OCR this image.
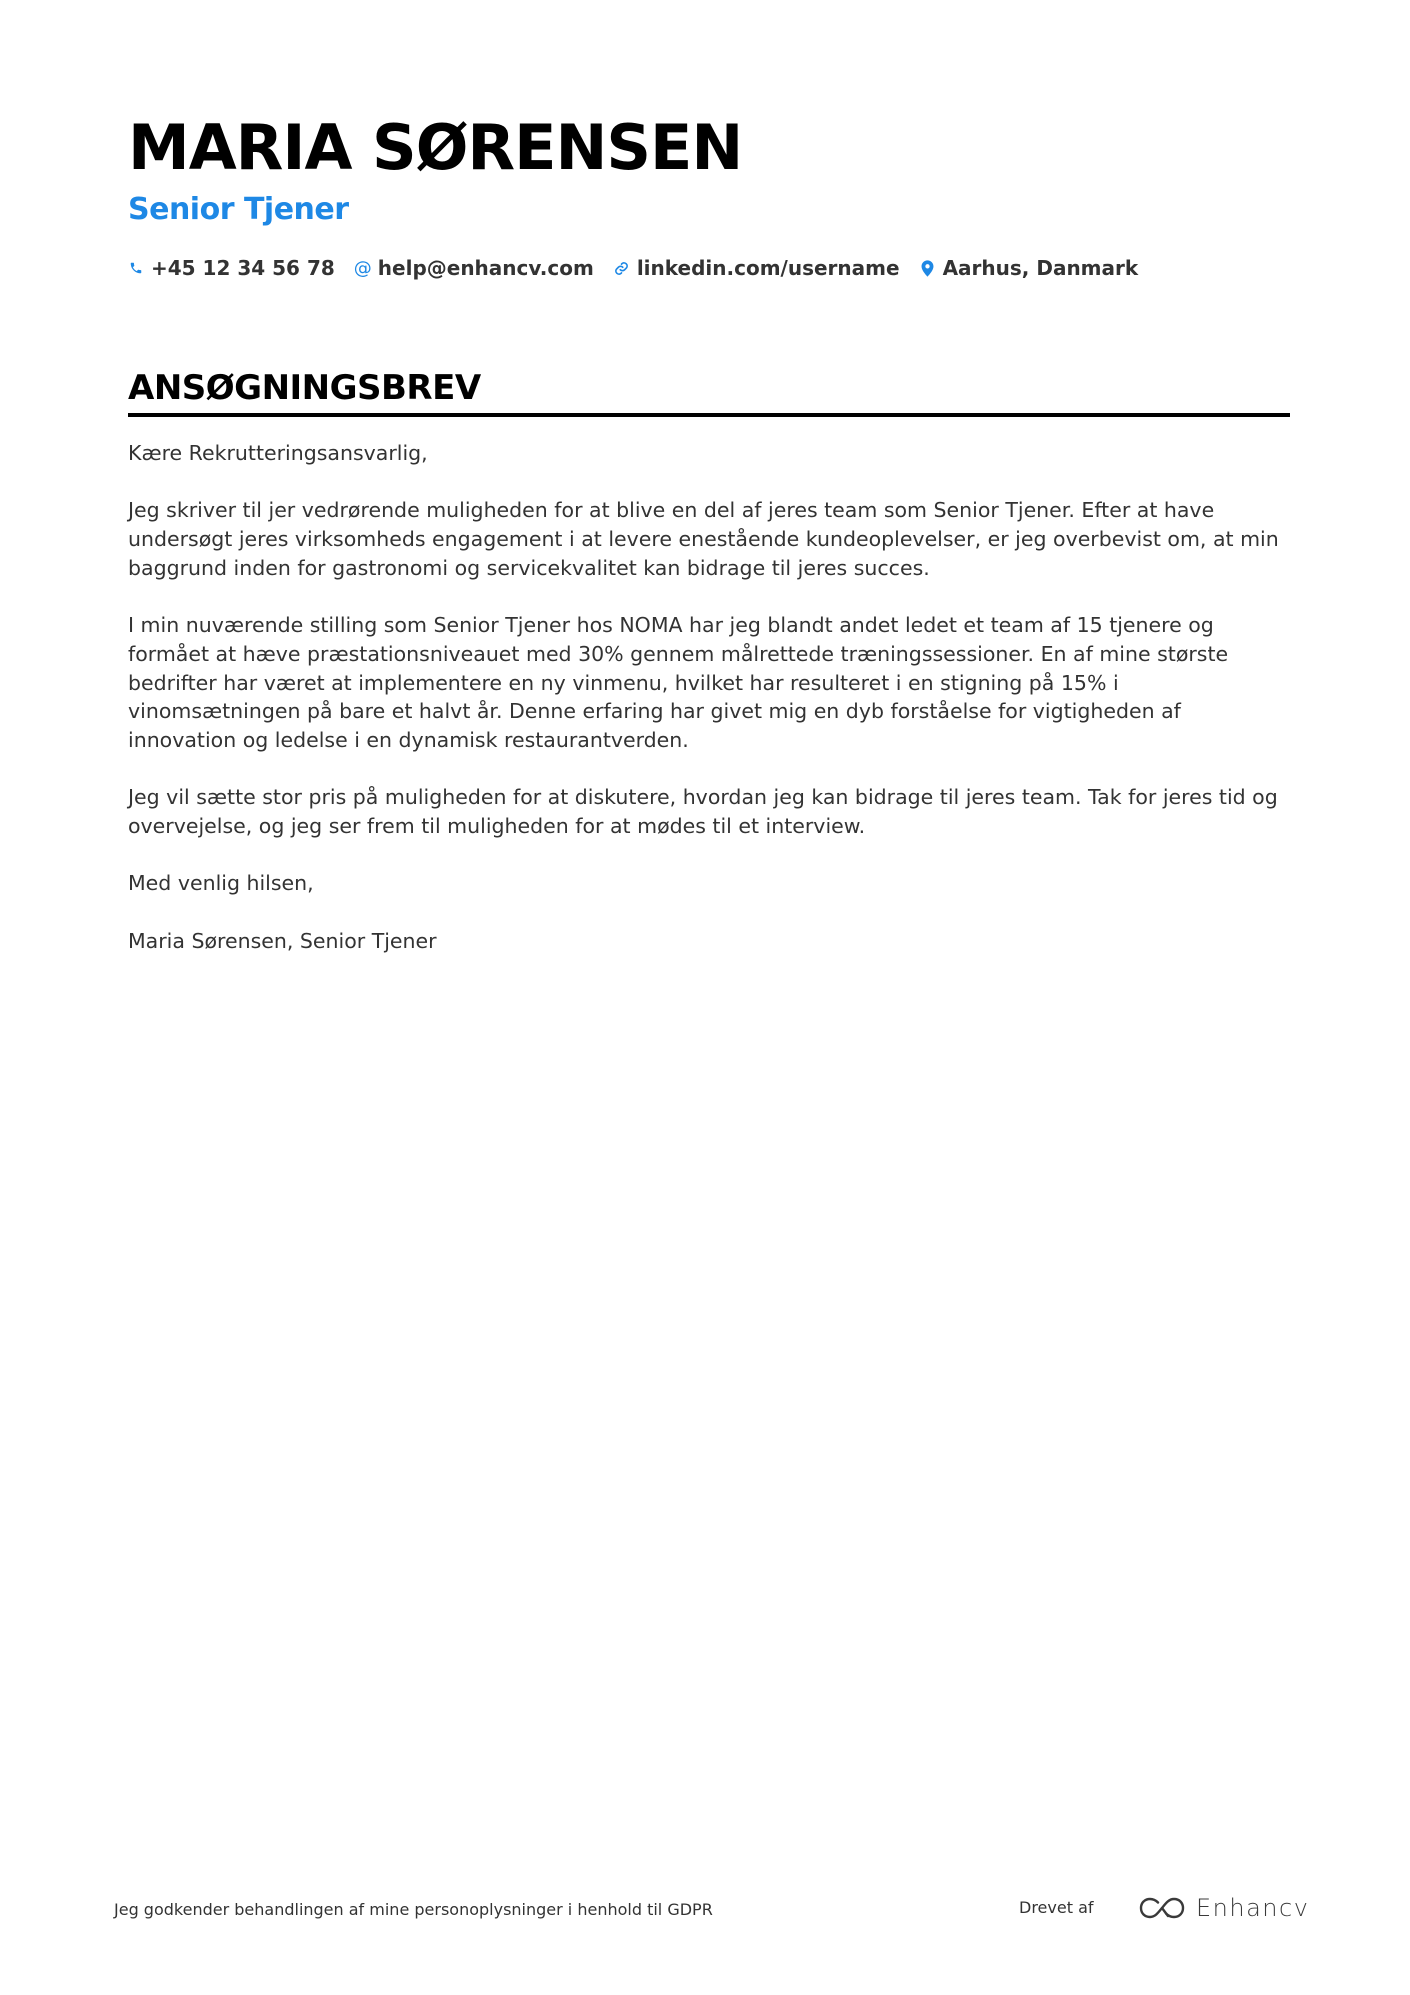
MARIA SØRENSEN
Senior Tjener
+45 12 34 56 78 @ help@enhancv.com linkedin.com/username Aarhus, Danmark
ANSØGNINGSBREV

Kære Rekrutteringsansvarlig,

Jeg skriver til jer vedrørende muligheden for at blive en del af jeres team som Senior Tjener. Efter at have undersøgt jeres virksomheds engagement i at levere enestående kundeoplevelser, er jeg overbevist om, at min baggrund inden for gastronomi og servicekvalitet kan bidrage til jeres succes.

I min nuværende stilling som Senior Tjener hos NOMA har jeg blandt andet ledet et team af 15 tjenere og formået at hæve præstationsniveauet med 30% gennem målrettede træningssessioner. En af mine største bedrifter har været at implementere en ny vinmenu, hvilket har resulteret i en stigning på 15% i vinomsætningen på bare et halvt år. Denne erfaring har givet mig en dyb forståelse for vigtigheden af innovation og ledelse i en dynamisk restaurantverden.

Jeg vil sætte stor pris på muligheden for at diskutere, hvordan jeg kan bidrage til jeres team. Tak for jeres tid og overvejelse, og jeg ser frem til muligheden for at mødes til et interview.

Med venlig hilsen,

Maria Sørensen, Senior Tjener

Jeg godkender behandlingen af mine personoplysninger i henhold til GDPR	Drevet af	Enhancv
